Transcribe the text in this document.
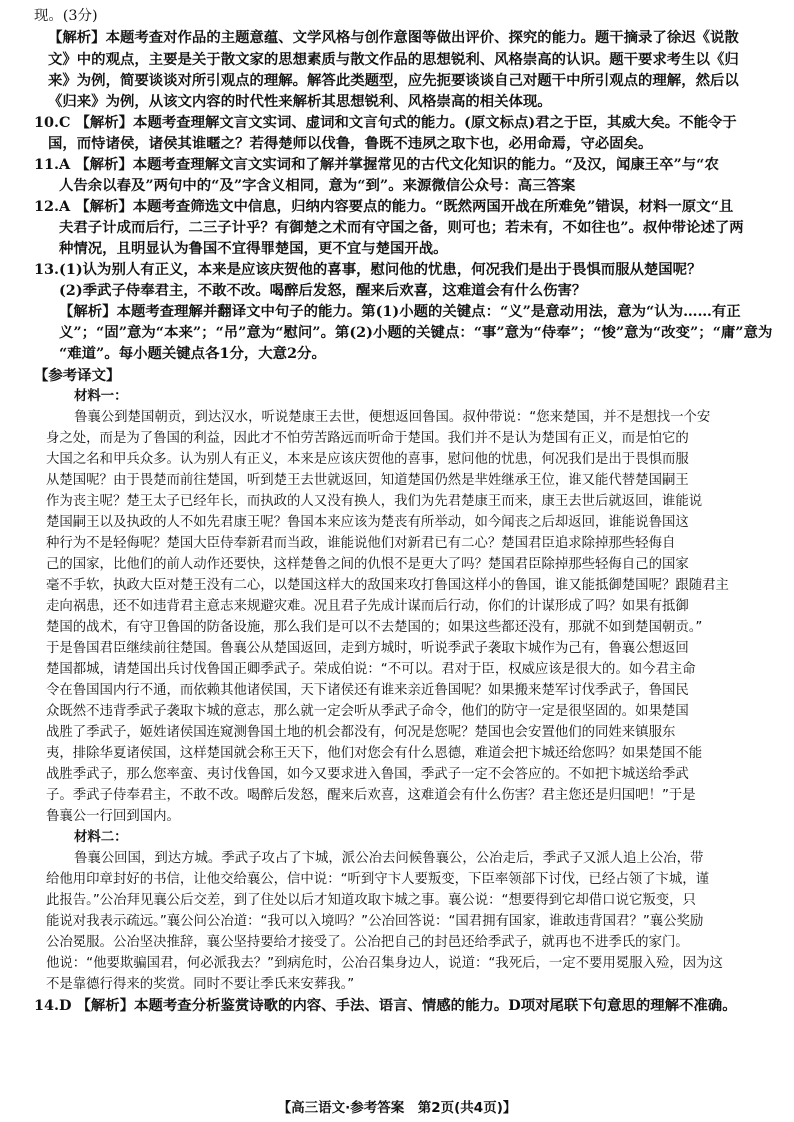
现。(3分)
【解析】本题考查对作品的主题意蕴、文学风格与创作意图等做出评价、探究的能力。题干摘录了徐迟《说散
文》中的观点，主要是关于散文家的思想素质与散文作品的思想锐利、风格崇高的认识。题干要求考生以《归
来》为例，简要谈谈对所引观点的理解。解答此类题型，应先扼要谈谈自己对题干中所引观点的理解，然后以
《归来》为例，从该文内容的时代性来解析其思想锐利、风格崇高的相关体现。
10.C 【解析】本题考查理解文言文实词、虚词和文言句式的能力。(原文标点)君之于臣，其威大矣。不能令于
国，而恃诸侯，诸侯其谁暱之？若得楚师以伐鲁，鲁既不违夙之取卞也，必用命焉，守必固矣。
11.A 【解析】本题考查理解文言文实词和了解并掌握常见的古代文化知识的能力。“及汉，闻康王卒”与“农
人告余以春及”两句中的“及”字含义相同，意为“到”。来源微信公众号：高三答案
12.A 【解析】本题考查筛选文中信息，归纳内容要点的能力。“既然两国开战在所难免”错误，材料一原文“且
夫君子计成而后行，二三子计乎？有御楚之术而有守国之备，则可也；若未有，不如往也”。叔仲带论述了两
种情况，且明显认为鲁国不宜得罪楚国，更不宜与楚国开战。
13.(1)认为别人有正义，本来是应该庆贺他的喜事，慰问他的忧患，何况我们是出于畏惧而服从楚国呢？
(2)季武子侍奉君主，不敢不改。喝醉后发怒，醒来后欢喜，这难道会有什么伤害？
【解析】本题考查理解并翻译文中句子的能力。第(1)小题的关键点：“义”是意动用法，意为“认为……有正
义”；“固”意为“本来”；“吊”意为“慰问”。第(2)小题的关键点：“事”意为“侍奉”；“悛”意为“改变”；“庸”意为
“难道”。每小题关键点各1分，大意2分。
【参考译文】
材料一：
鲁襄公到楚国朝贡，到达汉水，听说楚康王去世，便想返回鲁国。叔仲带说：“您来楚国，并不是想找一个安
身之处，而是为了鲁国的利益，因此才不怕劳苦路远而听命于楚国。我们并不是认为楚国有正义，而是怕它的
大国之名和甲兵众多。认为别人有正义，本来是应该庆贺他的喜事，慰问他的忧患，何况我们是出于畏惧而服
从楚国呢？由于畏楚而前往楚国，听到楚王去世就返回，知道楚国仍然是芈姓继承王位，谁又能代替楚国嗣王
作为丧主呢？楚王太子已经年长，而执政的人又没有换人，我们为先君楚康王而来，康王去世后就返回，谁能说
楚国嗣王以及执政的人不如先君康王呢？鲁国本来应该为楚丧有所举动，如今闻丧之后却返回，谁能说鲁国这
种行为不是轻侮呢？楚国大臣侍奉新君而当政，谁能说他们对新君已有二心？楚国君臣追求除掉那些轻侮自
己的国家，比他们的前人动作还要快，这样楚鲁之间的仇恨不是更大了吗？楚国君臣除掉那些轻侮自己的国家
毫不手软，执政大臣对楚王没有二心，以楚国这样大的敌国来攻打鲁国这样小的鲁国，谁又能抵御楚国呢？跟随君主
走向祸患，还不如违背君主意志来规避灾难。况且君子先成计谋而后行动，你们的计谋形成了吗？如果有抵御
楚国的战术，有守卫鲁国的防备设施，那么我们是可以不去楚国的；如果这些都还没有，那就不如到楚国朝贡。”
于是鲁国君臣继续前往楚国。鲁襄公从楚国返回，走到方城时，听说季武子袭取卞城作为己有，鲁襄公想返回
楚国都城，请楚国出兵讨伐鲁国正卿季武子。荣成伯说：“不可以。君对于臣，权威应该是很大的。如今君主命
令在鲁国国内行不通，而依赖其他诸侯国，天下诸侯还有谁来亲近鲁国呢？如果搬来楚军讨伐季武子，鲁国民
众既然不违背季武子袭取卞城的意志，那么就一定会听从季武子命令，他们的防守一定是很坚固的。如果楚国
战胜了季武子，姬姓诸侯国连窥测鲁国土地的机会都没有，何况是您呢？楚国也会安置他们的同姓来镇服东
夷，排除华夏诸侯国，这样楚国就会称王天下，他们对您会有什么恩德，难道会把卞城还给您吗？如果楚国不能
战胜季武子，那么您率蛮、夷讨伐鲁国，如今又要求进入鲁国，季武子一定不会答应的。不如把卞城送给季武
子。季武子侍奉君主，不敢不改。喝醉后发怒，醒来后欢喜，这难道会有什么伤害？君主您还是归国吧！”于是
鲁襄公一行回到国内。
材料二：
鲁襄公回国，到达方城。季武子攻占了卞城，派公冶去问候鲁襄公，公冶走后，季武子又派人追上公冶，带
给他用印章封好的书信，让他交给襄公，信中说：“听到守卞人要叛变，下臣率领部下讨伐，已经占领了卞城，谨
此报告。”公冶拜见襄公后交差，到了住处以后才知道攻取卞城之事。襄公说：“想要得到它却借口说它叛变，只
能说对我表示疏远。”襄公问公冶道：“我可以入境吗？”公冶回答说：“国君拥有国家，谁敢违背国君？”襄公奖励
公冶冕服。公冶坚决推辞，襄公坚持要给才接受了。公冶把自己的封邑还给季武子，就再也不进季氏的家门。
他说：“他要欺骗国君，何必派我去？”到病危时，公冶召集身边人，说道：“我死后，一定不要用冕服入殓，因为这
不是靠德行得来的奖赏。同时不要让季氏来安葬我。”
14.D 【解析】本题考查分析鉴赏诗歌的内容、手法、语言、情感的能力。D项对尾联下句意思的理解不准确。
【高三语文·参考答案　第2页(共4页)】
